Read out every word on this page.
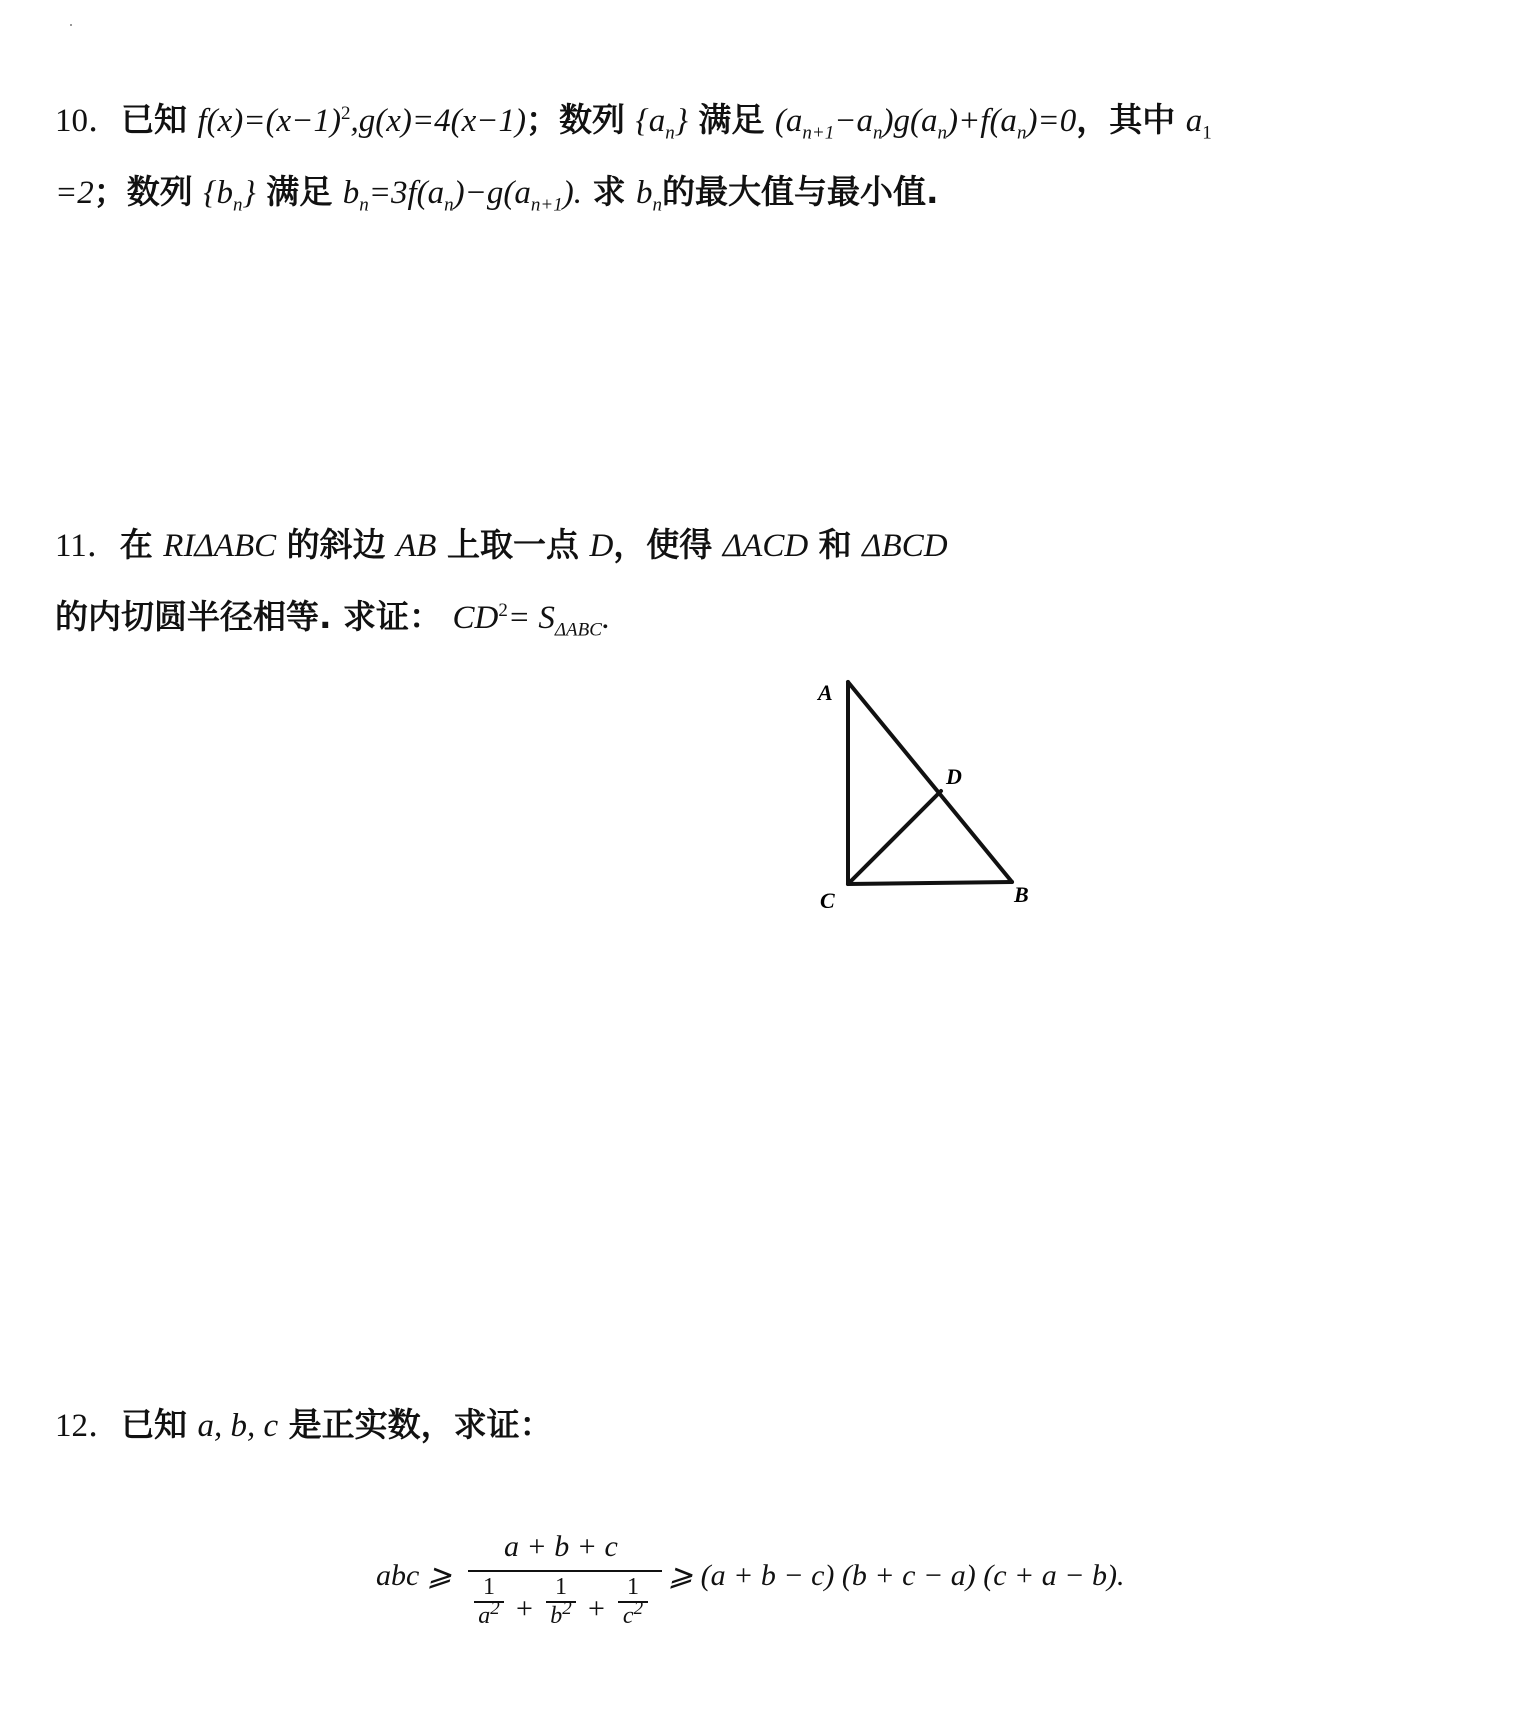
10．已知 $f(x)=(x-1)^2,g(x)=4(x-1)$；数列 $\{a_n\}$ 满足 $(a_{n+1}-a_n)g(a_n)+f(a_n)=0$，其中 $a_1$
=2；数列 $\{b_n\}$ 满足 $b_n=3f(a_n)-g(a_{n+1})$. 求 $b_n$的最大值与最小值.
11．在 RIΔABC 的斜边 AB 上取一点 D，使得 ΔACD 和 ΔBCD
的内切圆半径相等. 求证： $CD^2= S_{\Delta ABC}$.
A
D
C	B
12．已知 a, b, c 是正实数，求证：
abc ⩾
a + b + c
1
$a^2$ +
1
$b^2$ +
1
$c^2$
⩾ (a + b − c) (b + c − a) (c + a − b).
